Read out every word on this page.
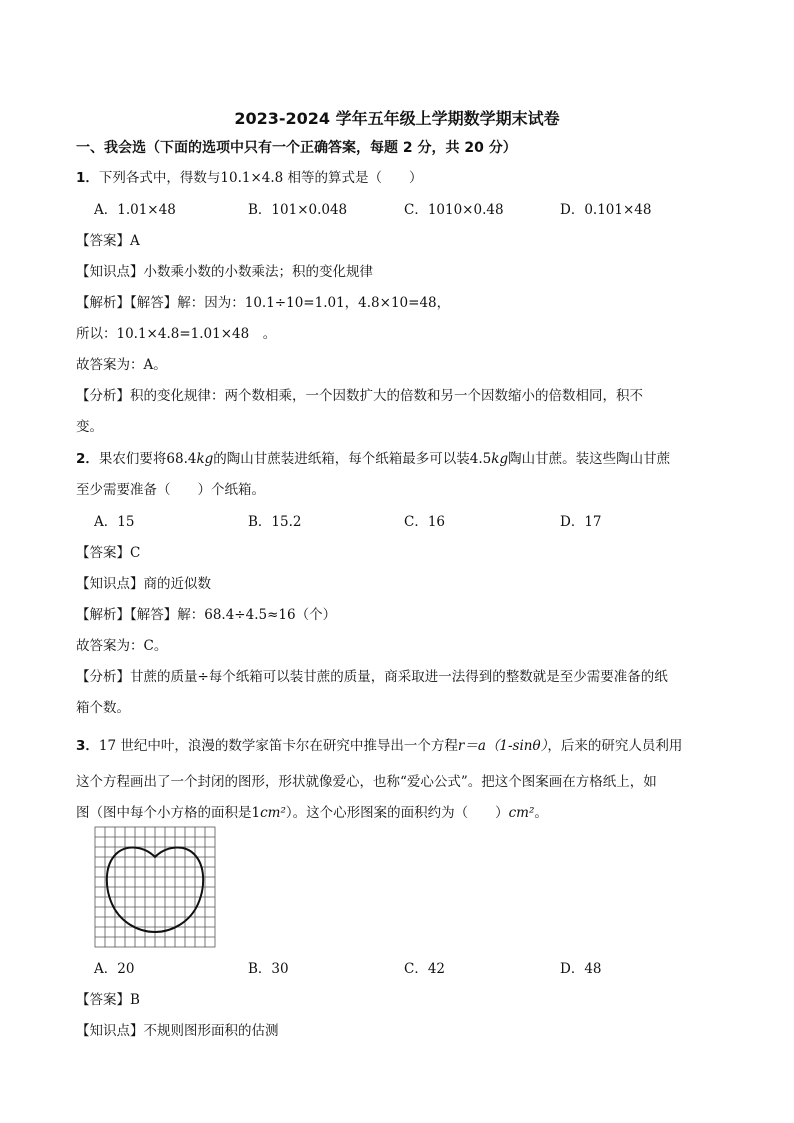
2023-2024 学年五年级上学期数学期末试卷
一、我会选（下面的选项中只有一个正确答案，每题 2 分，共 20 分）
1．下列各式中，得数与10.1×4.8 相等的算式是（　　）
A．1.01×48	B．101×0.048	C．1010×0.48	D．0.101×48
【答案】A
【知识点】小数乘小数的小数乘法；积的变化规律
【解析】【解答】解：因为：10.1÷10=1.01，4.8×10=48，
所以：10.1×4.8=1.01×48　。
故答案为：A。
【分析】积的变化规律：两个数相乘，一个因数扩大的倍数和另一个因数缩小的倍数相同，积不
变。
2．果农们要将68.4kg的陶山甘蔗装进纸箱，每个纸箱最多可以装4.5kg陶山甘蔗。装这些陶山甘蔗
至少需要准备（　　）个纸箱。
A．15	B．15.2	C．16	D．17
【答案】C
【知识点】商的近似数
【解析】【解答】解：68.4÷4.5≈16（个）
故答案为：C。
【分析】甘蔗的质量÷每个纸箱可以装甘蔗的质量，商采取进一法得到的整数就是至少需要准备的纸
箱个数。
3．17 世纪中叶，浪漫的数学家笛卡尔在研究中推导出一个方程r＝a（1-sinθ），后来的研究人员利用
这个方程画出了一个封闭的图形，形状就像爱心，也称“爱心公式”。把这个图案画在方格纸上，如
图（图中每个小方格的面积是1cm²）。这个心形图案的面积约为（　　）cm²。
A．20	B．30	C．42	D．48
【答案】B
【知识点】不规则图形面积的估测
